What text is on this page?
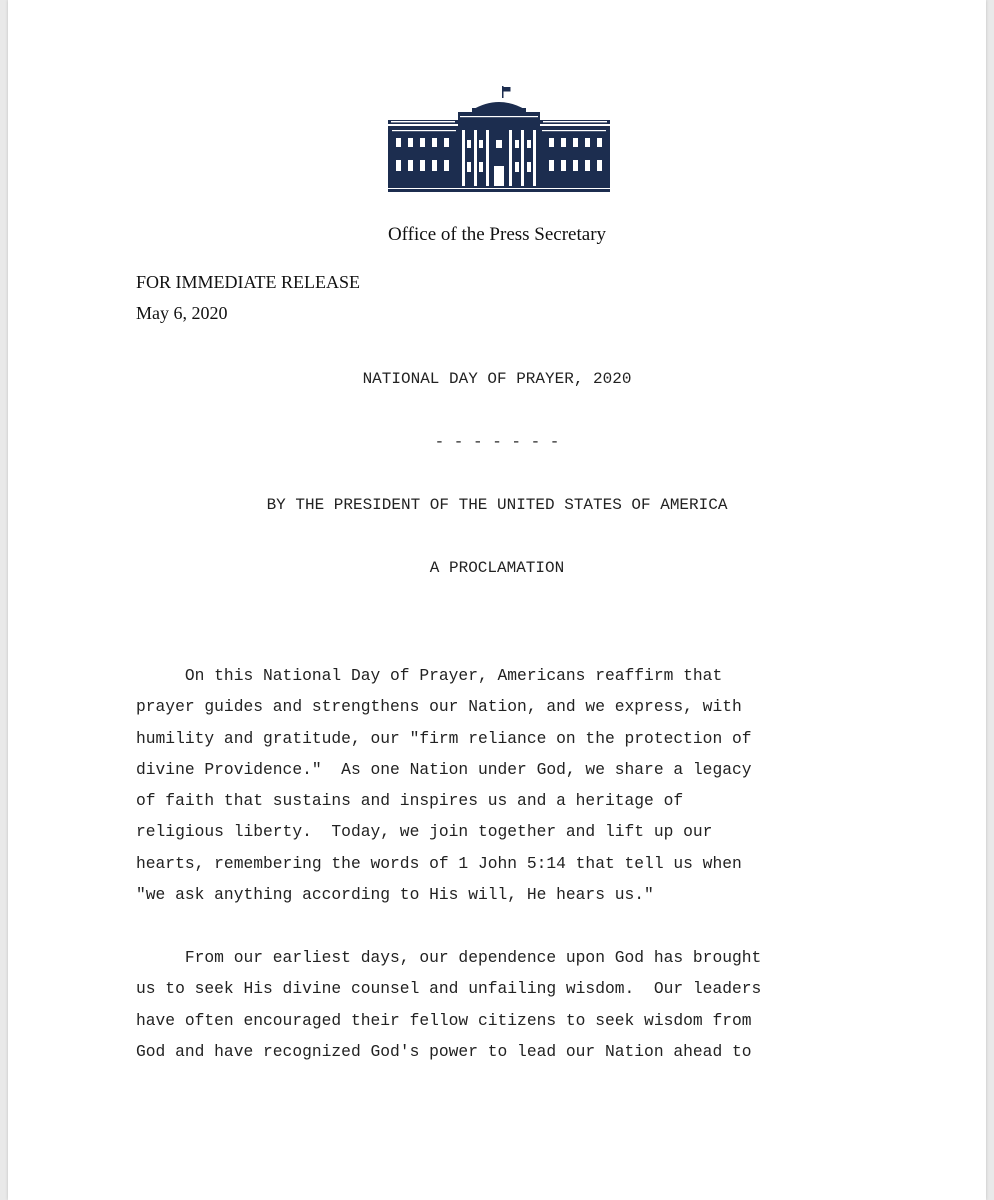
Office of the Press Secretary
FOR IMMEDIATE RELEASE
May 6, 2020
NATIONAL DAY OF PRAYER, 2020
- - - - - - -
BY THE PRESIDENT OF THE UNITED STATES OF AMERICA
A PROCLAMATION
On this National Day of Prayer, Americans reaffirm that
prayer guides and strengthens our Nation, and we express, with
humility and gratitude, our "firm reliance on the protection of
divine Providence."  As one Nation under God, we share a legacy
of faith that sustains and inspires us and a heritage of
religious liberty.  Today, we join together and lift up our
hearts, remembering the words of 1 John 5:14 that tell us when
"we ask anything according to His will, He hears us."
From our earliest days, our dependence upon God has brought
us to seek His divine counsel and unfailing wisdom.  Our leaders
have often encouraged their fellow citizens to seek wisdom from
God and have recognized God's power to lead our Nation ahead to
